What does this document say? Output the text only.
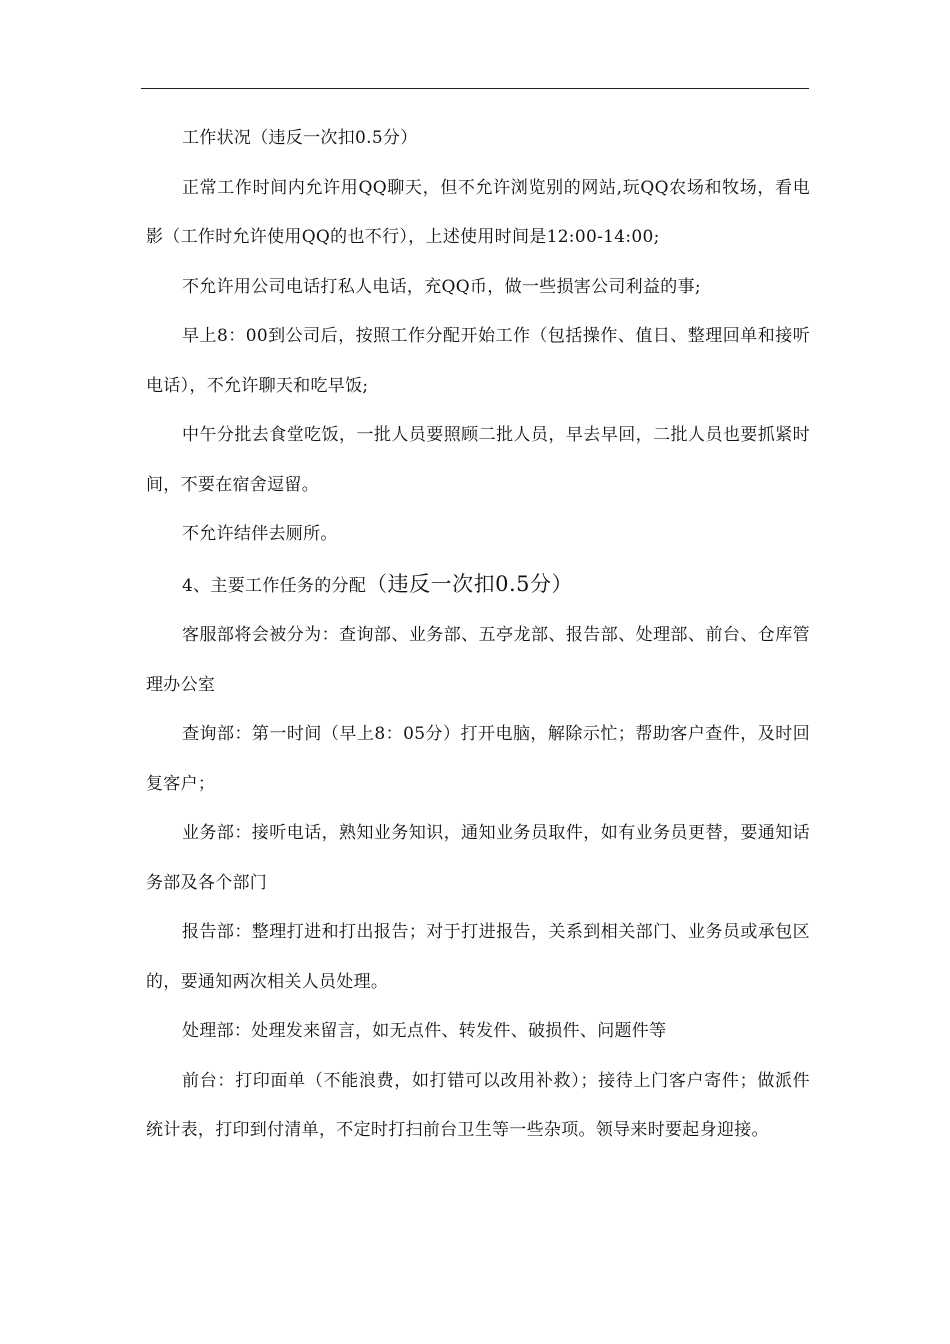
工作状况（违反一次扣0.5分）

正常工作时间内允许用QQ聊天，但不允许浏览别的网站,玩QQ农场和牧场，看电影（工作时允许使用QQ的也不行），上述使用时间是12:00-14:00;

不允许用公司电话打私人电话，充QQ币，做一些损害公司利益的事;

早上8：00到公司后，按照工作分配开始工作（包括操作、值日、整理回单和接听电话），不允许聊天和吃早饭;

中午分批去食堂吃饭，一批人员要照顾二批人员，早去早回，二批人员也要抓紧时间，不要在宿舍逗留。

不允许结伴去厕所。

4、主要工作任务的分配（违反一次扣0.5分）

客服部将会被分为：查询部、业务部、五亭龙部、报告部、处理部、前台、仓库管理办公室

查询部：第一时间（早上8：05分）打开电脑，解除示忙；帮助客户查件，及时回复客户；

业务部：接听电话，熟知业务知识，通知业务员取件，如有业务员更替，要通知话务部及各个部门

报告部：整理打进和打出报告；对于打进报告，关系到相关部门、业务员或承包区的，要通知两次相关人员处理。

处理部：处理发来留言，如无点件、转发件、破损件、问题件等

前台：打印面单（不能浪费，如打错可以改用补救）；接待上门客户寄件；做派件统计表，打印到付清单，不定时打扫前台卫生等一些杂项。领导来时要起身迎接。
